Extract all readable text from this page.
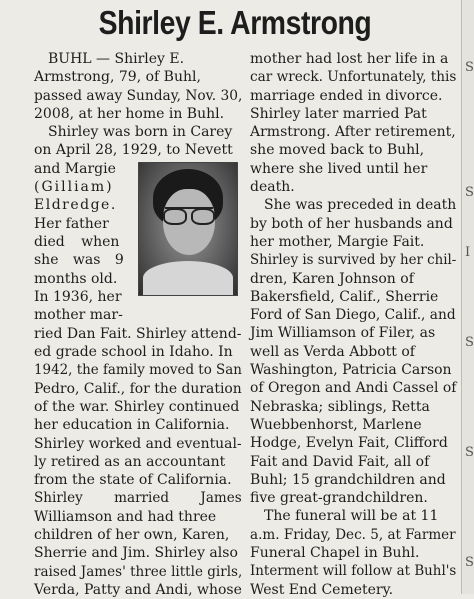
Shirley E. Armstrong
BUHL — Shirley E.
Armstrong, 79, of Buhl,
passed away Sunday, Nov. 30,
2008, at her home in Buhl.
Shirley was born in Carey
on April 28, 1929, to Nevett
and Margie
(Gilliam)
Eldredge.
Her father
died when
she was 9
months old.
In 1936, her
mother mar-
ried Dan Fait. Shirley attend-
ed grade school in Idaho. In
1942, the family moved to San
Pedro, Calif., for the duration
of the war. Shirley continued
her education in California.
Shirley worked and eventual-
ly retired as an accountant
from the state of California.
Shirley married James
Williamson and had three
children of her own, Karen,
Sherrie and Jim. Shirley also
raised James' three little girls,
Verda, Patty and Andi, whose
mother had lost her life in a
car wreck. Unfortunately, this
marriage ended in divorce.
Shirley later married Pat
Armstrong. After retirement,
she moved back to Buhl,
where she lived until her
death.
She was preceded in death
by both of her husbands and
her mother, Margie Fait.
Shirley is survived by her chil-
dren, Karen Johnson of
Bakersfield, Calif., Sherrie
Ford of San Diego, Calif., and
Jim Williamson of Filer, as
well as Verda Abbott of
Washington, Patricia Carson
of Oregon and Andi Cassel of
Nebraska; siblings, Retta
Wuebbenhorst, Marlene
Hodge, Evelyn Fait, Clifford
Fait and David Fait, all of
Buhl; 15 grandchildren and
five great-grandchildren.
The funeral will be at 11
a.m. Friday, Dec. 5, at Farmer
Funeral Chapel in Buhl.
Interment will follow at Buhl's
West End Cemetery.
S
S
I
S
S
S
